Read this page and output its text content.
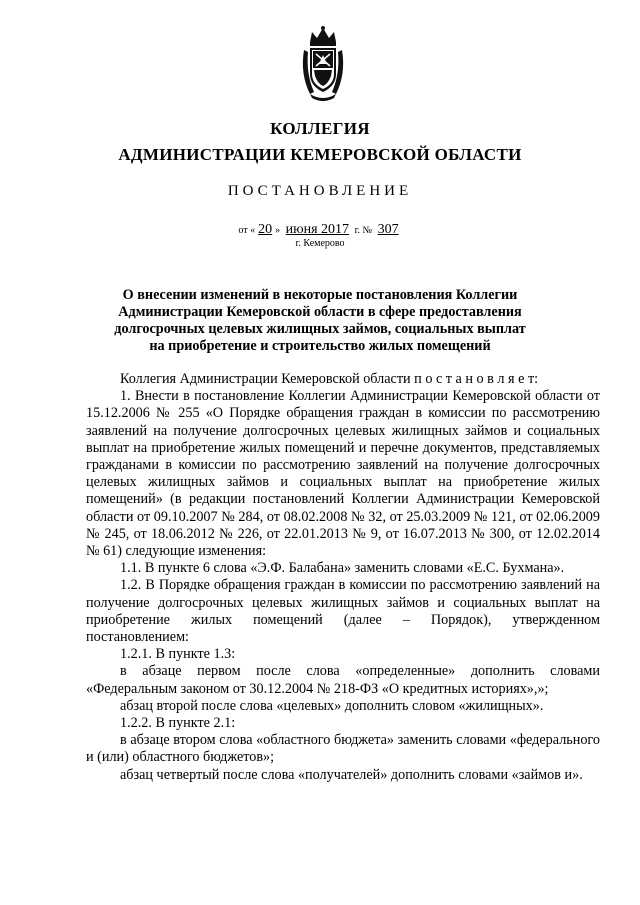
КОЛЛЕГИЯ
АДМИНИСТРАЦИИ КЕМЕРОВСКОЙ ОБЛАСТИ
ПОСТАНОВЛЕНИЕ
от « 20 » июня 2017 г. № 307
г. Кемерово
О внесении изменений в некоторые постановления Коллегии
Администрации Кемеровской области в сфере предоставления
долгосрочных целевых жилищных займов, социальных выплат
на приобретение и строительство жилых помещений

Коллегия Администрации Кемеровской области п о с т а н о в л я е т:

1. Внести в постановление Коллегии Администрации Кемеровской области от 15.12.2006 № 255 «О Порядке обращения граждан в комиссии по рассмотрению заявлений на получение долгосрочных целевых жилищных займов и социальных выплат на приобретение жилых помещений и перечне документов, представляемых гражданами в комиссии по рассмотрению заявлений на получение долгосрочных целевых жилищных займов и социальных выплат на приобретение жилых помещений» (в редакции постановлений Коллегии Администрации Кемеровской области от 09.10.2007 № 284, от 08.02.2008 № 32, от 25.03.2009 № 121, от 02.06.2009 № 245, от 18.06.2012 № 226, от 22.01.2013 № 9, от 16.07.2013 № 300, от 12.02.2014 № 61) следующие изменения:

1.1. В пункте 6 слова «Э.Ф. Балабана» заменить словами «Е.С. Бухмана».

1.2. В Порядке обращения граждан в комиссии по рассмотрению заявлений на получение долгосрочных целевых жилищных займов и социальных выплат на приобретение жилых помещений (далее – Порядок), утвержденном постановлением:

1.2.1. В пункте 1.3:

в абзаце первом после слова «определенные» дополнить словами «Федеральным законом от 30.12.2004 № 218-ФЗ «О кредитных историях»,»;

абзац второй после слова «целевых» дополнить словом «жилищных».

1.2.2. В пункте 2.1:

в абзаце втором слова «областного бюджета» заменить словами «федерального и (или) областного бюджетов»;

абзац четвертый после слова «получателей» дополнить словами «займов и».
